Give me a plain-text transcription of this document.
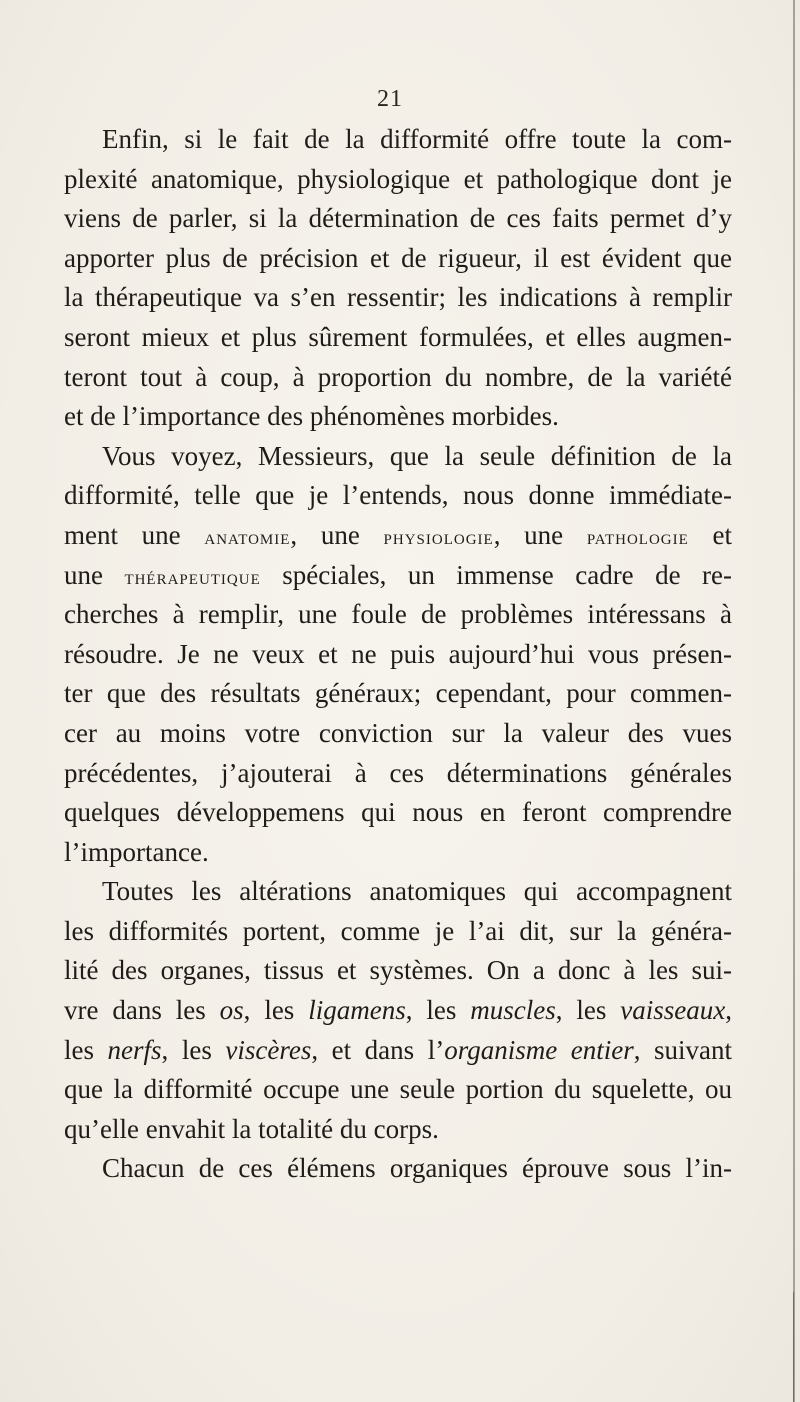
21
Enfin, si le fait de la difformité offre toute la com-
plexité anatomique, physiologique et pathologique dont je
viens de parler, si la détermination de ces faits permet d’y
apporter plus de précision et de rigueur, il est évident que
la thérapeutique va s’en ressentir; les indications à remplir
seront mieux et plus sûrement formulées, et elles augmen-
teront tout à coup, à proportion du nombre, de la variété
et de l’importance des phénomènes morbides.
Vous voyez, Messieurs, que la seule définition de la
difformité, telle que je l’entends, nous donne immédiate-
ment une anatomie, une physiologie, une pathologie et
une thérapeutique spéciales, un immense cadre de re-
cherches à remplir, une foule de problèmes intéressans à
résoudre. Je ne veux et ne puis aujourd’hui vous présen-
ter que des résultats généraux; cependant, pour commen-
cer au moins votre conviction sur la valeur des vues
précédentes, j’ajouterai à ces déterminations générales
quelques développemens qui nous en feront comprendre
l’importance.
Toutes les altérations anatomiques qui accompagnent
les difformités portent, comme je l’ai dit, sur la généra-
lité des organes, tissus et systèmes. On a donc à les sui-
vre dans les os, les ligamens, les muscles, les vaisseaux,
les nerfs, les viscères, et dans l’organisme entier, suivant
que la difformité occupe une seule portion du squelette, ou
qu’elle envahit la totalité du corps.
Chacun de ces élémens organiques éprouve sous l’in-
